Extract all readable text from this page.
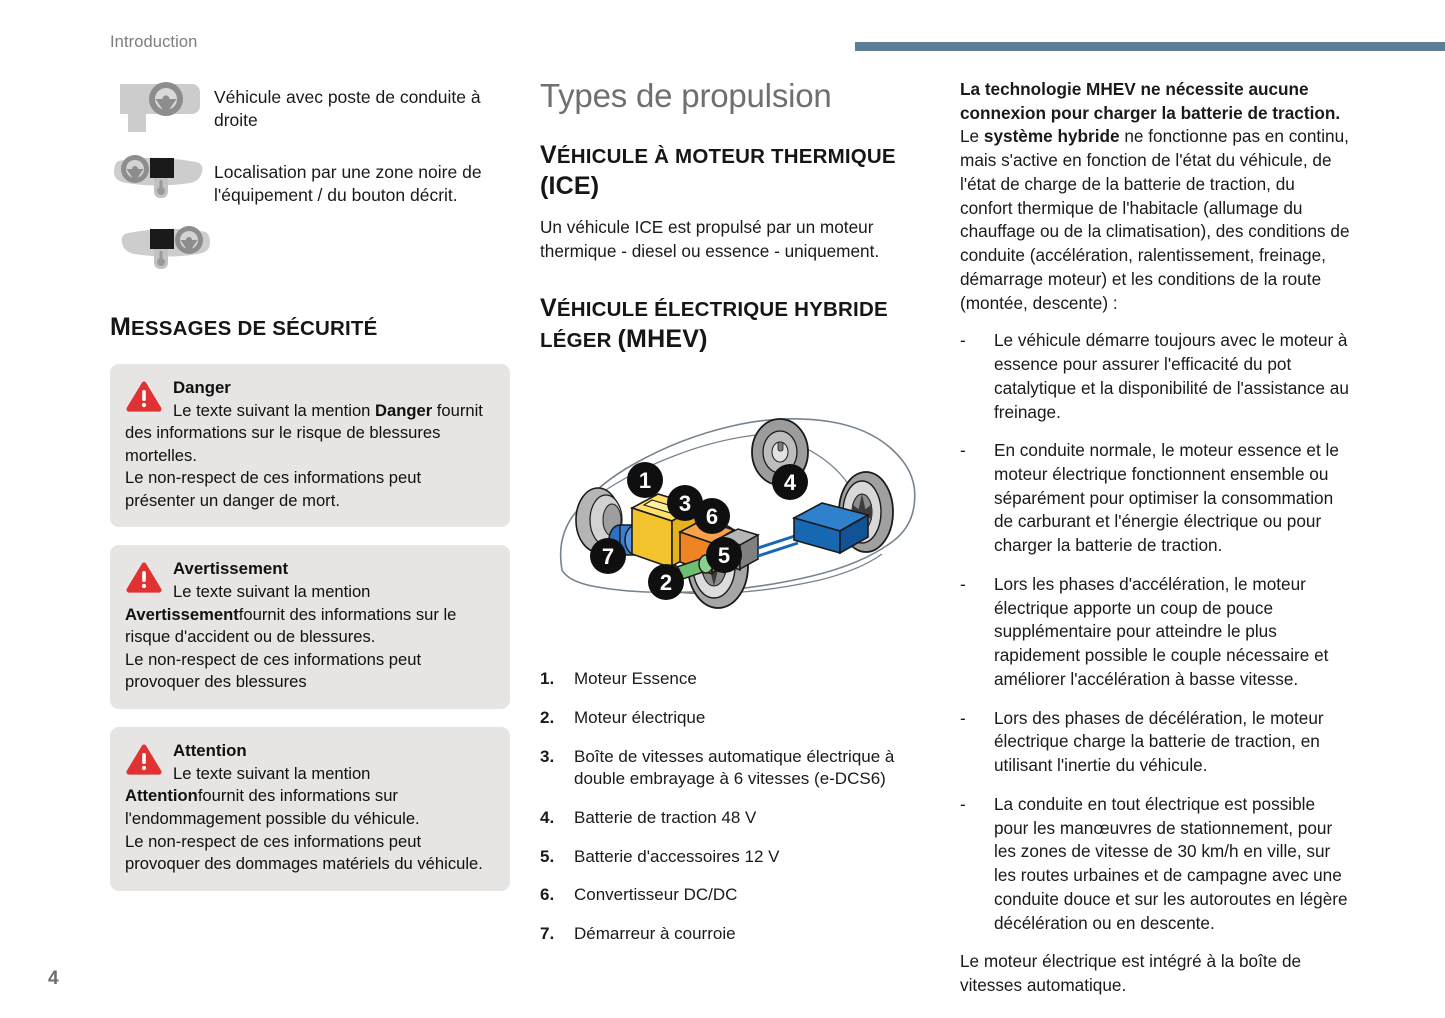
Introduction
4
Véhicule avec poste de conduite à droite
Localisation par une zone noire de l'équipement / du bouton décrit.
MESSAGES DE SÉCURITÉ
Danger
Le texte suivant la mention Danger fournit des informations sur le risque de blessures mortelles.
Le non-respect de ces informations peut présenter un danger de mort.
Avertissement
Le texte suivant la mention
Avertissementfournit des informations sur le risque d'accident ou de blessures.
Le non-respect de ces informations peut provoquer des blessures
Attention
Le texte suivant la mention
Attentionfournit des informations sur l'endommagement possible du véhicule.
Le non-respect de ces informations peut provoquer des dommages matériels du véhicule.
Types de propulsion
VÉHICULE À MOTEUR THERMIQUE (ICE)

Un véhicule ICE est propulsé par un moteur thermique - diesel ou essence - uniquement.

VÉHICULE ÉLECTRIQUE HYBRIDE LÉGER (MHEV)
1
3
6
4
5
7
2
1.	Moteur Essence
2.	Moteur électrique
3.	Boîte de vitesses automatique électrique à double embrayage à 6 vitesses (e-DCS6)
4.	Batterie de traction 48 V
5.	Batterie d'accessoires 12 V
6.	Convertisseur DC/DC
7.	Démarreur à courroie

La technologie MHEV ne nécessite aucune connexion pour charger la batterie de traction.
Le système hybride ne fonctionne pas en continu, mais s'active en fonction de l'état du véhicule, de l'état de charge de la batterie de traction, du confort thermique de l'habitacle (allumage du chauffage ou de la climatisation), des conditions de conduite (accélération, ralentissement, freinage, démarrage moteur) et les conditions de la route (montée, descente) :

-	Le véhicule démarre toujours avec le moteur à essence pour assurer l'efficacité du pot catalytique et la disponibilité de l'assistance au freinage.
-	En conduite normale, le moteur essence et le moteur électrique fonctionnent ensemble ou séparément pour optimiser la consommation de carburant et l'énergie électrique ou pour charger la batterie de traction.
-	Lors les phases d'accélération, le moteur électrique apporte un coup de pouce supplémentaire pour atteindre le plus rapidement possible le couple nécessaire et améliorer l'accélération à basse vitesse.
-	Lors des phases de décélération, le moteur électrique charge la batterie de traction, en utilisant l'inertie du véhicule.
-	La conduite en tout électrique est possible pour les manœuvres de stationnement, pour les zones de vitesse de 30 km/h en ville, sur les routes urbaines et de campagne avec une conduite douce et sur les autoroutes en légère décélération ou en descente.

Le moteur électrique est intégré à la boîte de vitesses automatique.
